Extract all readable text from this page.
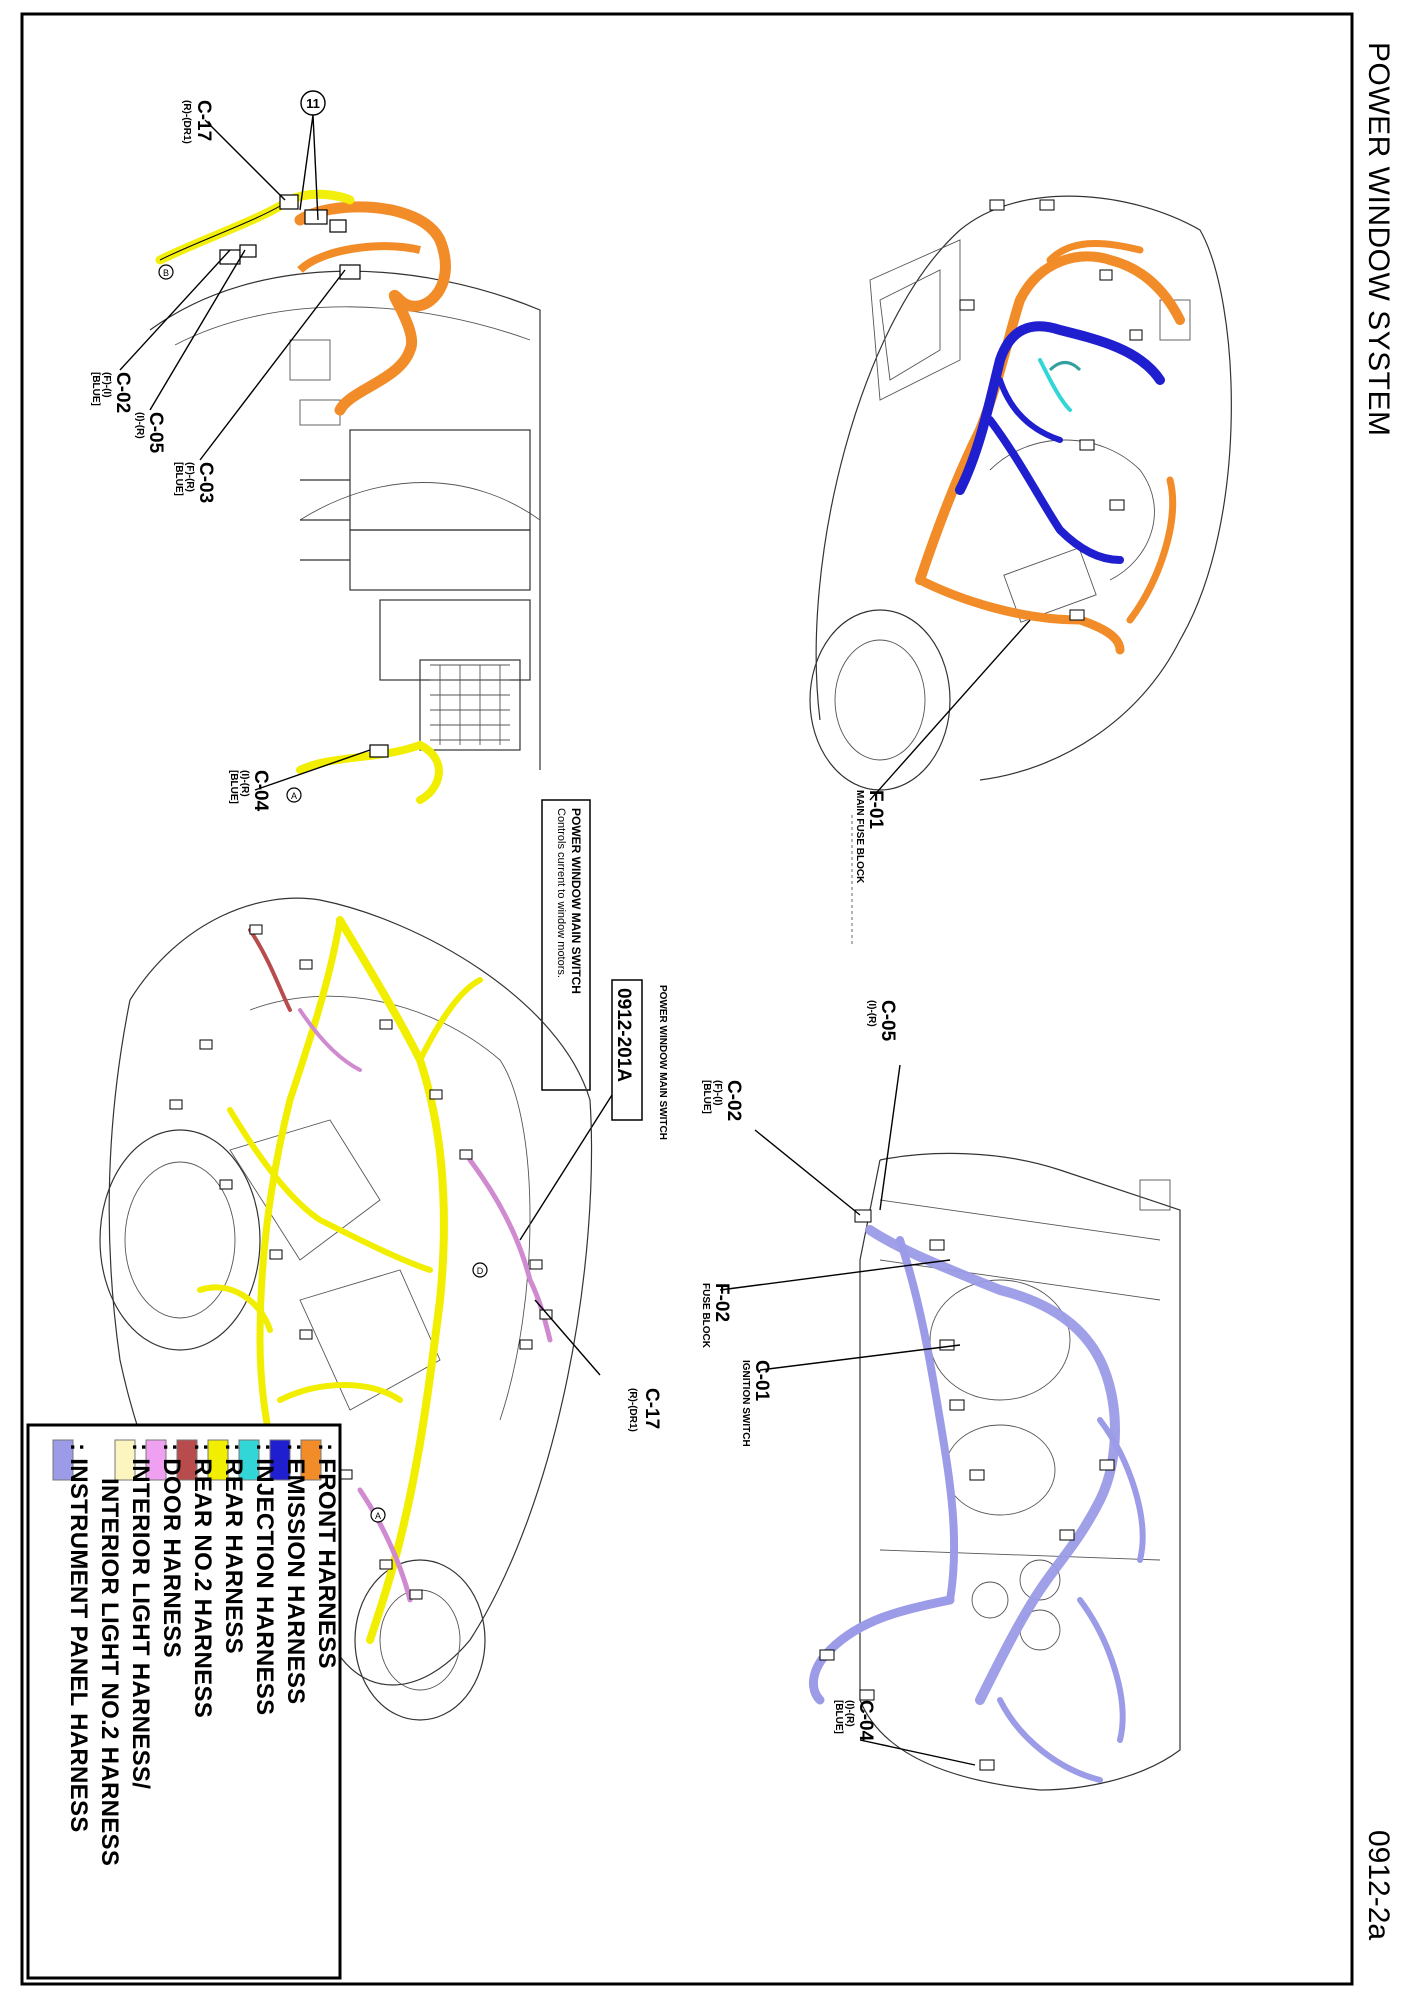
POWER WINDOW SYSTEM
0912-2a
11
B
A
C-17
(R)-(DR1)
C-02
(F)-(I)
[BLUE]
C-05
(I)-(R)
C-03
(F)-(R)
[BLUE]
C-04
(I)-(R)
[BLUE]
F-01
MAIN FUSE BLOCK
POWER WINDOW MAIN SWITCH
0912-201A
POWER WINDOW MAIN SWITCH
Controls current to window motors.
D
A
(R)-(DR1) C-17
C-05
(I)-(R)
C-02
(F)-(I)
[BLUE]
F-02
FUSE BLOCK
C-01
IGNITION SWITCH
C-04
(I)-(R)
[BLUE]
: FRONT HARNESS
: EMISSION HARNESS
: INJECTION HARNESS
: REAR HARNESS
: REAR NO.2 HARNESS
: DOOR HARNESS
: INTERIOR LIGHT HARNESS/
INTERIOR LIGHT NO.2 HARNESS
: INSTRUMENT PANEL HARNESS
